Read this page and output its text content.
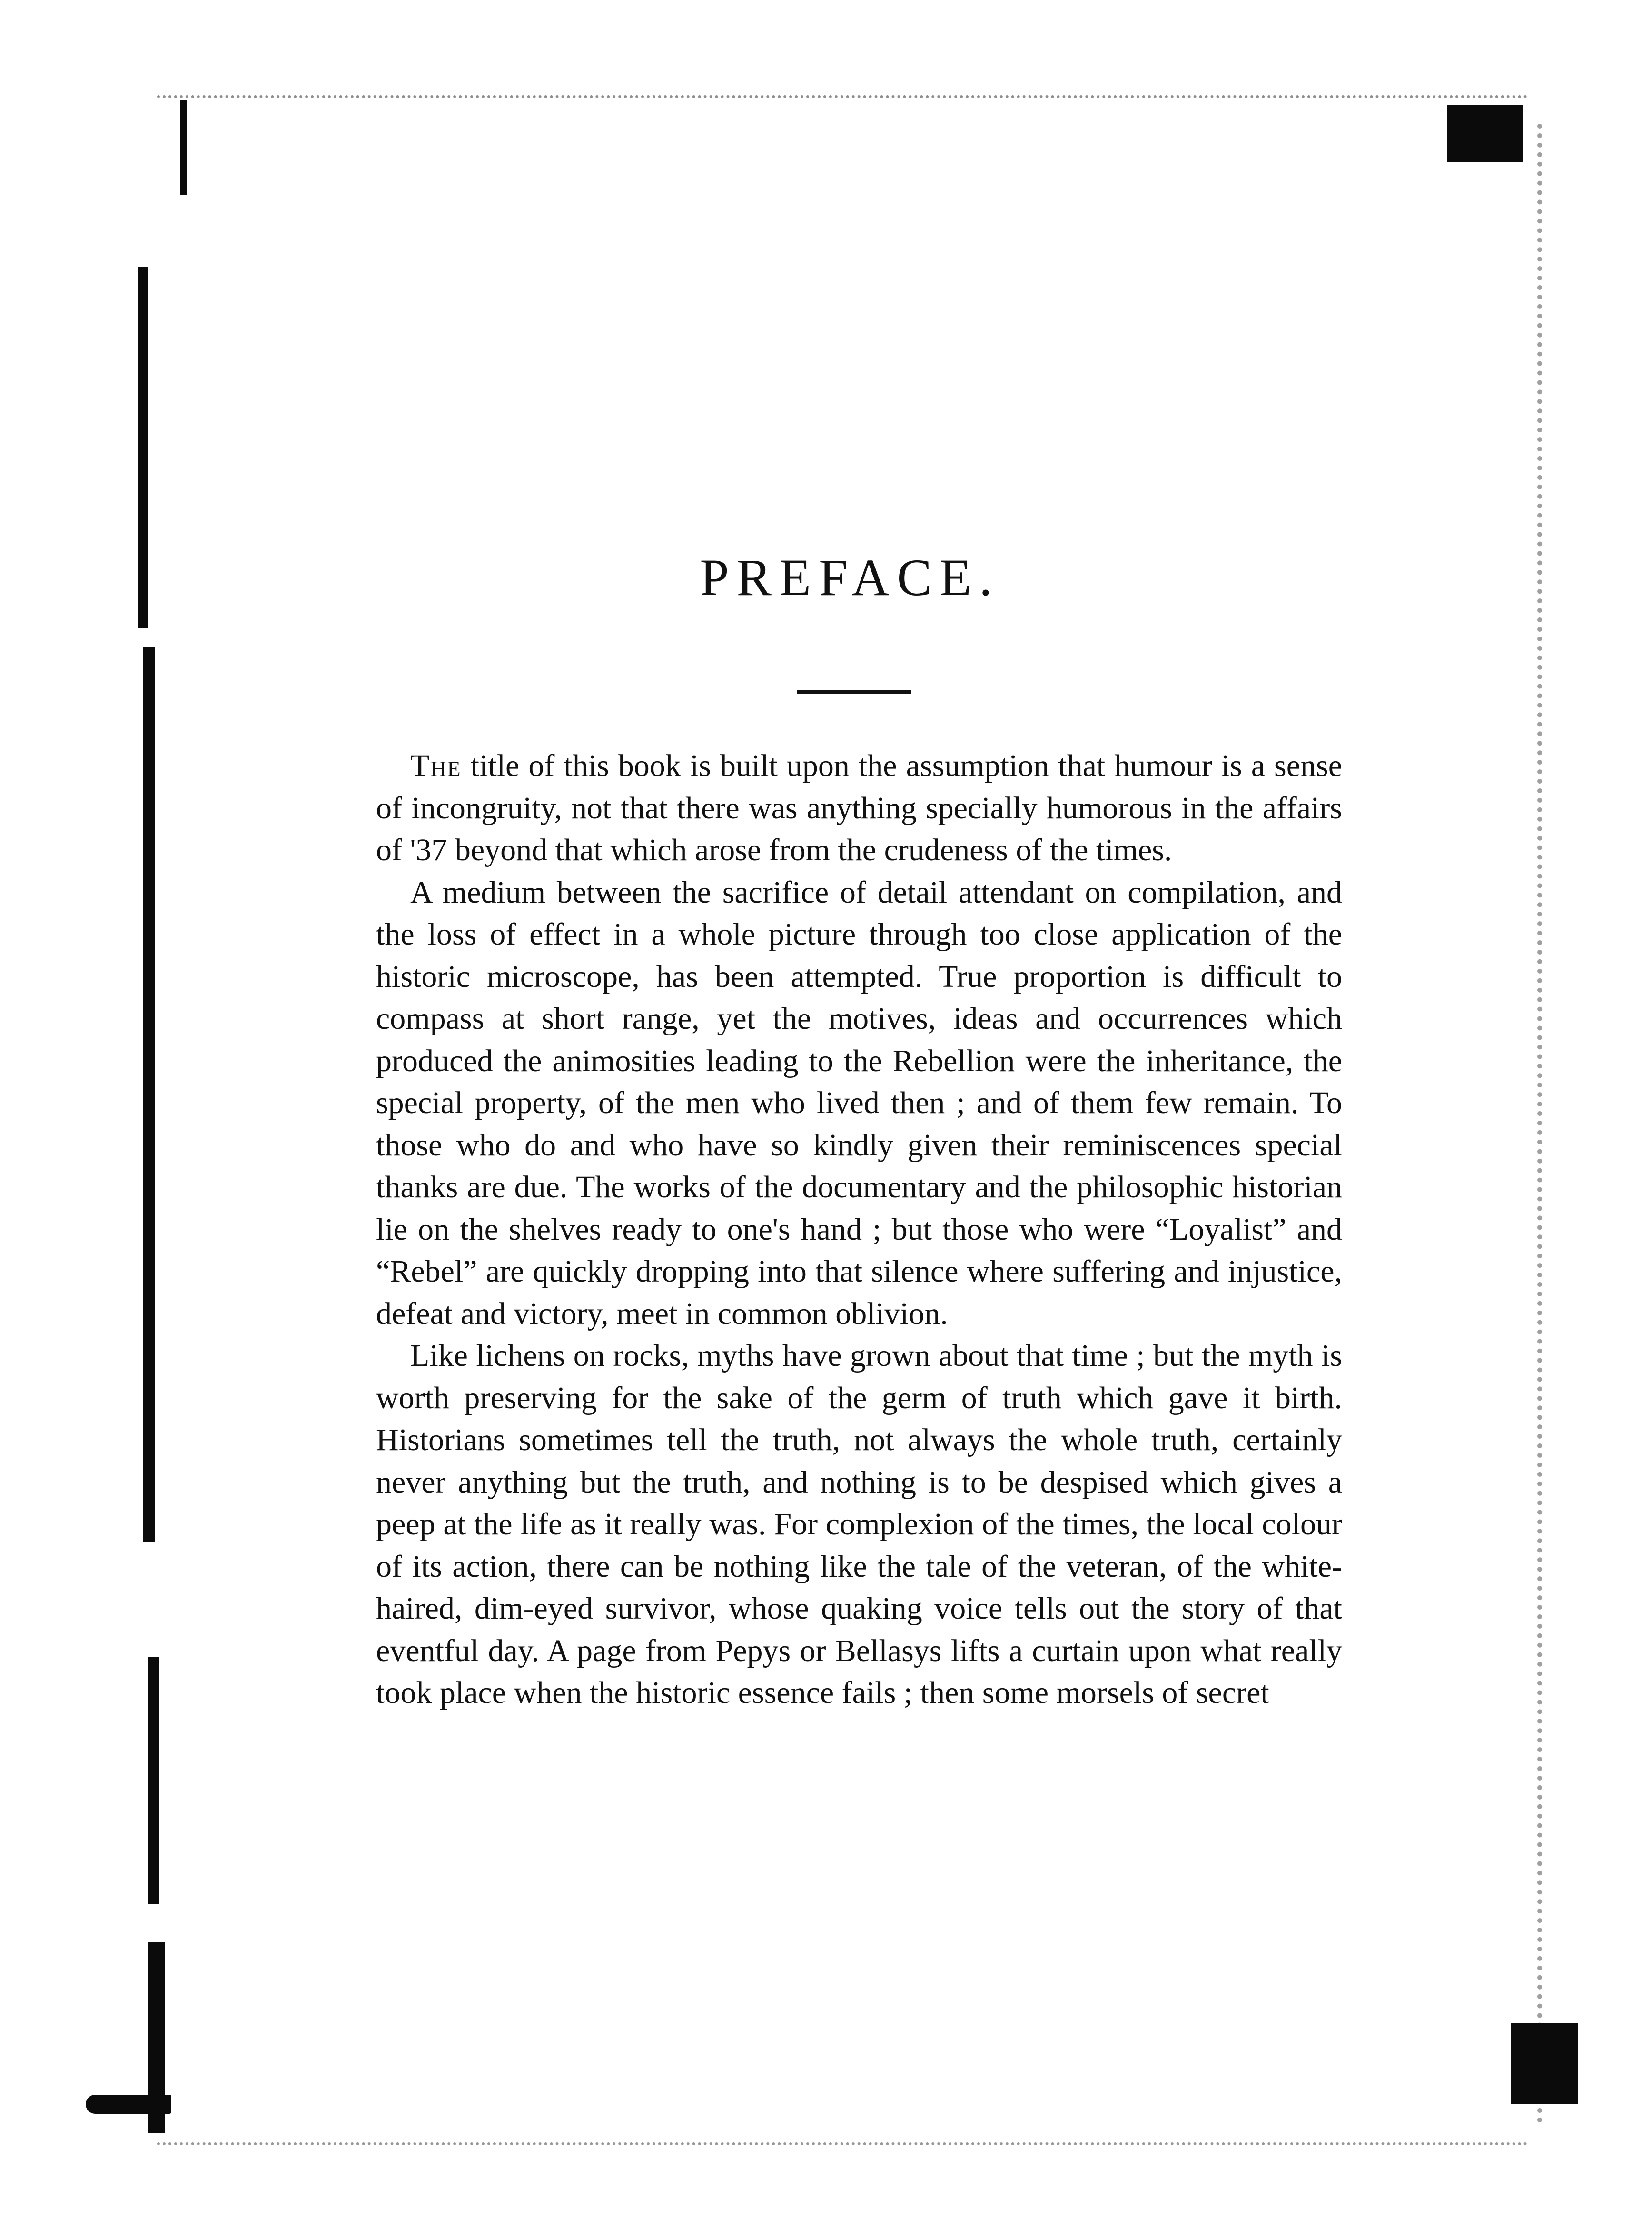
PREFACE.

The title of this book is built upon the assumption that humour is a sense of incongruity, not that there was anything specially humorous in the affairs of '37 beyond that which arose from the crudeness of the times.

A medium between the sacrifice of detail attendant on compilation, and the loss of effect in a whole picture through too close application of the historic microscope, has been attempted. True proportion is difficult to compass at short range, yet the motives, ideas and occurrences which produced the animosities leading to the Rebellion were the inheritance, the special property, of the men who lived then ; and of them few remain. To those who do and who have so kindly given their reminiscences special thanks are due. The works of the documentary and the philosophic historian lie on the shelves ready to one's hand ; but those who were “Loyalist” and “Rebel” are quickly dropping into that silence where suffering and injustice, defeat and victory, meet in common oblivion.

Like lichens on rocks, myths have grown about that time ; but the myth is worth preserving for the sake of the germ of truth which gave it birth. Historians sometimes tell the truth, not always the whole truth, certainly never anything but the truth, and nothing is to be despised which gives a peep at the life as it really was. For complexion of the times, the local colour of its action, there can be nothing like the tale of the veteran, of the white-haired, dim-eyed survivor, whose quaking voice tells out the story of that eventful day. A page from Pepys or Bellasys lifts a curtain upon what really took place when the historic essence fails ; then some morsels of secret
